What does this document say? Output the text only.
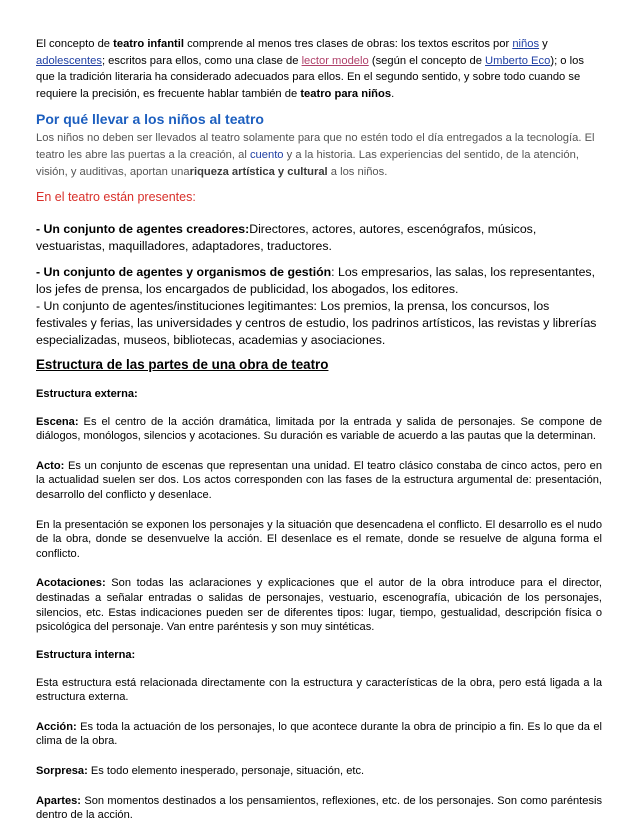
El concepto de teatro infantil comprende al menos tres clases de obras: los textos escritos por niños y adolescentes; escritos para ellos, como una clase de lector modelo (según el concepto de Umberto Eco); o los que la tradición literaria ha considerado adecuados para ellos. En el segundo sentido, y sobre todo cuando se requiere la precisión, es frecuente hablar también de teatro para niños.

Por qué llevar a los niños al teatro

Los niños no deben ser llevados al teatro solamente para que no estén todo el día entregados a la tecnología. El teatro les abre las puertas a la creación, al cuento y a la historia. Las experiencias del sentido, de la atención, visión, y auditivas, aportan unariqueza artística y cultural a los niños.

En el teatro están presentes:

- Un conjunto de agentes creadores:Directores, actores, autores, escenógrafos, músicos, vestuaristas, maquilladores, adaptadores, traductores.

- Un conjunto de agentes y organismos de gestión: Los empresarios, las salas, los representantes, los jefes de prensa, los encargados de publicidad, los abogados, los editores.

- Un conjunto de agentes/instituciones legitimantes: Los premios, la prensa, los concursos, los festivales y ferias, las universidades y centros de estudio, los padrinos artísticos, las revistas y librerías especializadas, museos, bibliotecas, academias y asociaciones.

Estructura de las partes de una obra de teatro

Estructura externa:

Escena: Es el centro de la acción dramática, limitada por la entrada y salida de personajes. Se compone de diálogos, monólogos, silencios y acotaciones. Su duración es variable de acuerdo a las pautas que la determinan.

Acto: Es un conjunto de escenas que representan una unidad. El teatro clásico constaba de cinco actos, pero en la actualidad suelen ser dos. Los actos corresponden con las fases de la estructura argumental de: presentación, desarrollo del conflicto y desenlace.

En la presentación se exponen los personajes y la situación que desencadena el conflicto. El desarrollo es el nudo de la obra, donde se desenvuelve la acción. El desenlace es el remate, donde se resuelve de alguna forma el conflicto.

Acotaciones: Son todas las aclaraciones y explicaciones que el autor de la obra introduce para el director, destinadas a señalar entradas o salidas de personajes, vestuario, escenografía, ubicación de los personajes, silencios, etc. Estas indicaciones pueden ser de diferentes tipos: lugar, tiempo, gestualidad, descripción física o psicológica del personaje. Van entre paréntesis y son muy sintéticas.

Estructura interna:

Esta estructura está relacionada directamente con la estructura y características de la obra, pero está ligada a la estructura externa.

Acción: Es toda la actuación de los personajes, lo que acontece durante la obra de principio a fin. Es lo que da el clima de la obra.

Sorpresa: Es todo elemento inesperado, personaje, situación, etc.

Apartes: Son momentos destinados a los pensamientos, reflexiones, etc. de los personajes. Son como paréntesis dentro de la acción.
